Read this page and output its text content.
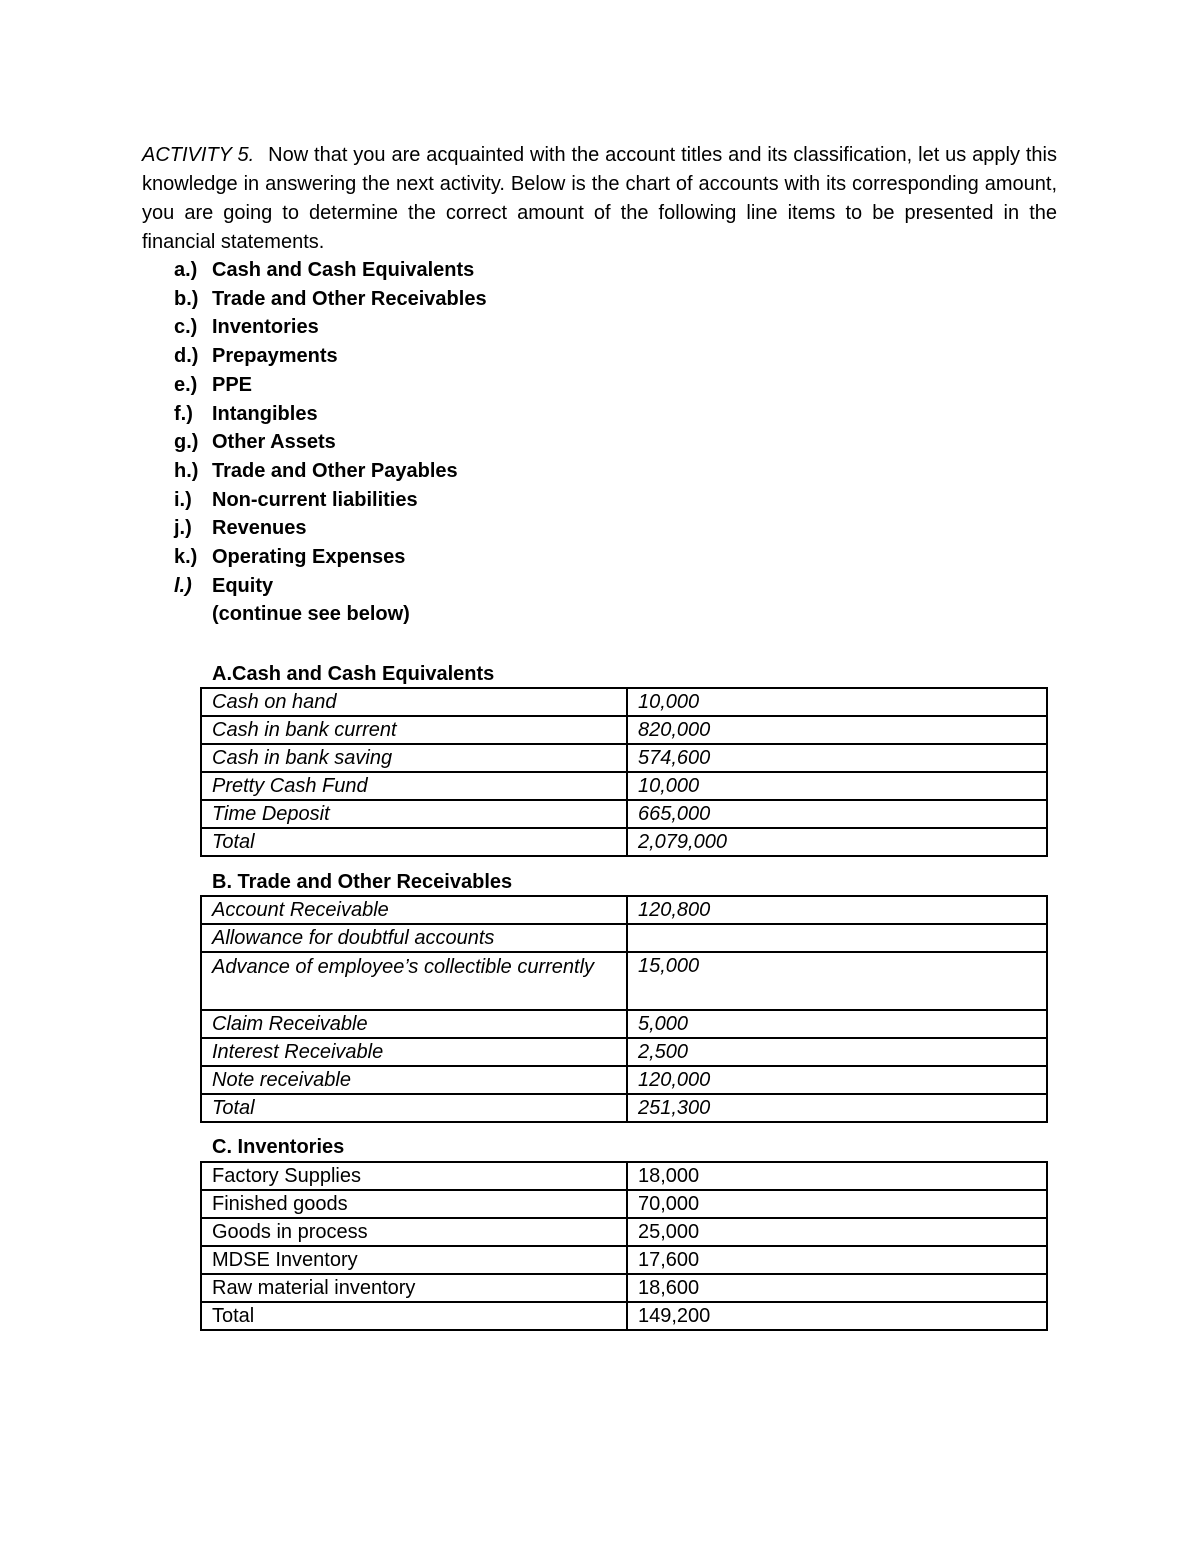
ACTIVITY 5. Now that you are acquainted with the account titles and its classification, let us apply this knowledge in answering the next activity. Below is the chart of accounts with its corresponding amount, you are going to determine the correct amount of the following line items to be presented in the financial statements.

a.) Cash and Cash Equivalents
b.) Trade and Other Receivables
c.) Inventories
d.) Prepayments
e.) PPE
f.) Intangibles
g.) Other Assets
h.) Trade and Other Payables
i.)	Non-current liabilities
j.)	Revenues
k.) Operating Expenses
l.)	Equity
(continue see below)
A.Cash and Cash Equivalents
Cash on hand	10,000
Cash in bank current	820,000
Cash in bank saving	574,600
Pretty Cash Fund	10,000
Time Deposit	665,000
Total	2,079,000
B. Trade and Other Receivables
Account Receivable	120,800
Allowance for doubtful accounts	
Advance of employee’s collectible currently	15,000
Claim Receivable	5,000
Interest Receivable	2,500
Note receivable	120,000
Total	251,300
C. Inventories
Factory Supplies	18,000
Finished goods	70,000
Goods in process	25,000
MDSE Inventory	17,600
Raw material inventory	18,600
Total	149,200
